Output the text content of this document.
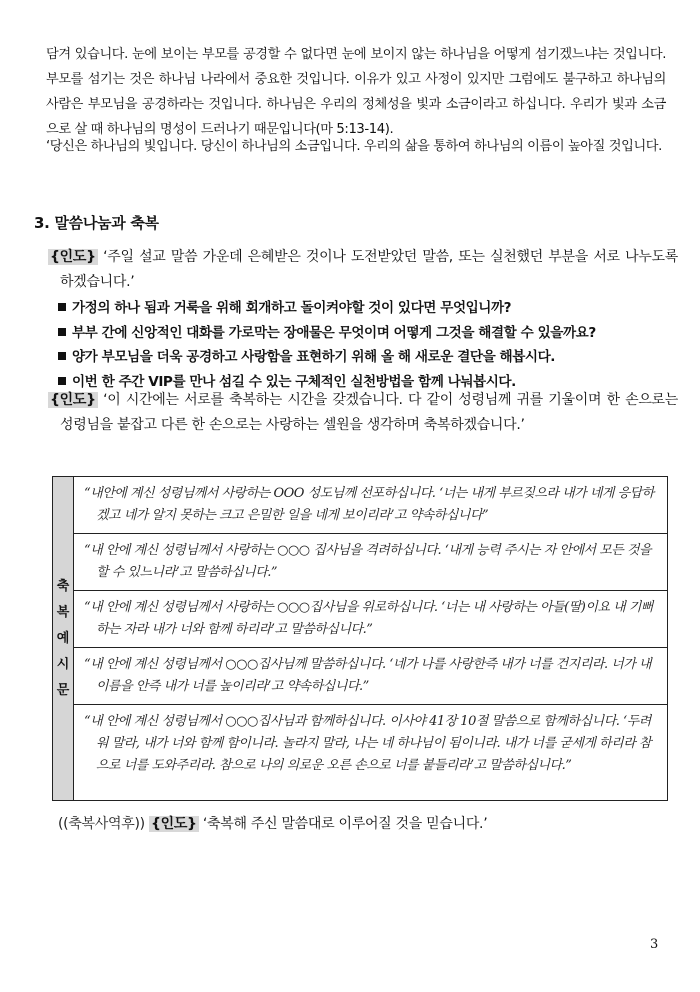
담겨 있습니다. 눈에 보이는 부모를 공경할 수 없다면 눈에 보이지 않는 하나님을 어떻게 섬기겠느냐는 것입니다. 부모를 섬기는 것은 하나님 나라에서 중요한 것입니다. 이유가 있고 사정이 있지만 그럼에도 불구하고 하나님의 사람은 부모님을 공경하라는 것입니다. 하나님은 우리의 정체성을 빛과 소금이라고 하십니다. 우리가 빛과 소금으로 살 때 하나님의 명성이 드러나기 때문입니다(마 5:13-14).
‘당신은 하나님의 빛입니다. 당신이 하나님의 소금입니다. 우리의 삶을 통하여 하나님의 이름이 높아질 것입니다.
3. 말씀나눔과 축복
{인도} ‘주일 설교 말씀 가운데 은혜받은 것이나 도전받았던 말씀, 또는 실천했던 부분을 서로 나누도록 하겠습니다.’
가정의 하나 됨과 거룩을 위해 회개하고 돌이켜야할 것이 있다면 무엇입니까?
부부 간에 신앙적인 대화를 가로막는 장애물은 무엇이며 어떻게 그것을 해결할 수 있을까요?
양가 부모님을 더욱 공경하고 사랑함을 표현하기 위해 올 해 새로운 결단을 해봅시다.
이번 한 주간 VIP를 만나 섬길 수 있는 구체적인 실천방법을 함께 나눠봅시다.
{인도} ‘이 시간에는 서로를 축복하는 시간을 갖겠습니다. 다 같이 성령님께 귀를 기울이며 한 손으로는 성령님을 붙잡고 다른 한 손으로는 사랑하는 셀원을 생각하며 축복하겠습니다.’
축
복
예
시
문
“내안에 계신 성령님께서 사랑하는 OOO 성도님께 선포하십니다. ‘너는 내게 부르짖으라 내가 네게 응답하겠고 네가 알지 못하는 크고 은밀한 일을 네게 보이리라’고 약속하십니다”
“내 안에 계신 성령님께서 사랑하는 ○○○ 집사님을 격려하십니다. ‘내게 능력 주시는 자 안에서 모든 것을 할 수 있느니라’고 말씀하십니다.”
“내 안에 계신 성령님께서 사랑하는 ○○○집사님을 위로하십니다. ‘너는 내 사랑하는 아들(딸)이요 내 기뻐하는 자라 내가 너와 함께 하리라’고 말씀하십니다.”
“내 안에 계신 성령님께서 ○○○집사님께 말씀하십니다. ‘네가 나를 사랑한즉 내가 너를 건지리라. 너가 내 이름을 안즉 내가 너를 높이리라’고 약속하십니다.”
“내 안에 계신 성령님께서 ○○○집사님과 함께하십니다. 이사야 41장 10절 말씀으로 함께하십니다. ‘두려워 말라, 내가 너와 함께 함이니라. 놀라지 말라, 나는 네 하나님이 됨이니라. 내가 너를 굳세게 하리라 참으로 너를 도와주리라. 참으로 나의 의로운 오른 손으로 너를 붙들리라’고 말씀하십니다.”
((축복사역후)) {인도} ‘축복해 주신 말씀대로 이루어질 것을 믿습니다.’
3
